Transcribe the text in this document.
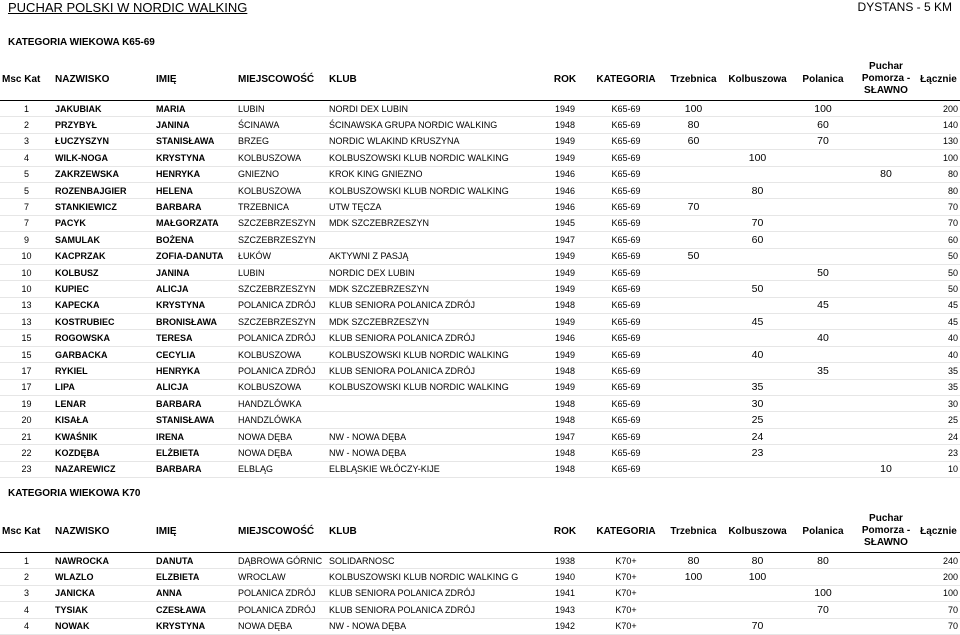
PUCHAR POLSKI W NORDIC WALKING	DYSTANS - 5 KM
KATEGORIA WIEKOWA K65-69
Msc Kat	NAZWISKO	IMIĘ	MIEJSCOWOŚĆ	KLUB	ROK	KATEGORIA	Trzebnica	Kolbuszowa	Polanica	Puchar
Pomorza -
SŁAWNO	Łącznie
1	JAKUBIAK	MARIA	LUBIN	NORDI DEX LUBIN	1949	K65-69	100		100		200
2	PRZYBYŁ	JANINA	ŚCINAWA	ŚCINAWSKA GRUPA NORDIC WALKING	1948	K65-69	80		60		140
3	ŁUCZYSZYN	STANISŁAWA	BRZEG	NORDIC WLAKIND KRUSZYNA	1949	K65-69	60		70		130
4	WILK-NOGA	KRYSTYNA	KOLBUSZOWA	KOLBUSZOWSKI KLUB NORDIC WALKING	1949	K65-69		100			100
5	ZAKRZEWSKA	HENRYKA	GNIEZNO	KROK KING GNIEZNO	1946	K65-69				80	80
5	ROZENBAJGIER	HELENA	KOLBUSZOWA	KOLBUSZOWSKI KLUB NORDIC WALKING	1946	K65-69		80			80
7	STANKIEWICZ	BARBARA	TRZEBNICA	UTW TĘCZA	1946	K65-69	70				70
7	PACYK	MAŁGORZATA	SZCZEBRZESZYN	MDK SZCZEBRZESZYN	1945	K65-69		70			70
9	SAMULAK	BOŻENA	SZCZEBRZESZYN		1947	K65-69		60			60
10	KACPRZAK	ZOFIA-DANUTA	ŁUKÓW	AKTYWNI Z PASJĄ	1949	K65-69	50				50
10	KOLBUSZ	JANINA	LUBIN	NORDIC DEX LUBIN	1949	K65-69			50		50
10	KUPIEC	ALICJA	SZCZEBRZESZYN	MDK SZCZEBRZESZYN	1949	K65-69		50			50
13	KAPECKA	KRYSTYNA	POLANICA ZDRÓJ	KLUB SENIORA POLANICA ZDRÓJ	1948	K65-69			45		45
13	KOSTRUBIEC	BRONISŁAWA	SZCZEBRZESZYN	MDK SZCZEBRZESZYN	1949	K65-69		45			45
15	ROGOWSKA	TERESA	POLANICA ZDRÓJ	KLUB SENIORA POLANICA ZDRÓJ	1946	K65-69			40		40
15	GARBACKA	CECYLIA	KOLBUSZOWA	KOLBUSZOWSKI KLUB NORDIC WALKING	1949	K65-69		40			40
17	RYKIEL	HENRYKA	POLANICA ZDRÓJ	KLUB SENIORA POLANICA ZDRÓJ	1948	K65-69			35		35
17	LIPA	ALICJA	KOLBUSZOWA	KOLBUSZOWSKI KLUB NORDIC WALKING	1949	K65-69		35			35
19	LENAR	BARBARA	HANDZLÓWKA		1948	K65-69		30			30
20	KISAŁA	STANISŁAWA	HANDZLÓWKA		1948	K65-69		25			25
21	KWAŚNIK	IRENA	NOWA DĘBA	NW - NOWA DĘBA	1947	K65-69		24			24
22	KOZDĘBA	ELŻBIETA	NOWA DĘBA	NW - NOWA DĘBA	1948	K65-69		23			23
23	NAZAREWICZ	BARBARA	ELBLĄG	ELBLĄSKIE WŁÓCZY-KIJE	1948	K65-69				10	10
KATEGORIA WIEKOWA K70
Msc Kat	NAZWISKO	IMIĘ	MIEJSCOWOŚĆ	KLUB	ROK	KATEGORIA	Trzebnica	Kolbuszowa	Polanica	Puchar
Pomorza -
SŁAWNO	Łącznie
1	NAWROCKA	DANUTA	DĄBROWA GÓRNIC	SOLIDARNOSC	1938	K70+	80	80	80		240
2	WLAZLO	ELZBIETA	WROCLAW	KOLBUSZOWSKI KLUB NORDIC WALKING G	1940	K70+	100	100			200
3	JANICKA	ANNA	POLANICA ZDRÓJ	KLUB SENIORA POLANICA ZDRÓJ	1941	K70+			100		100
4	TYSIAK	CZESŁAWA	POLANICA ZDRÓJ	KLUB SENIORA POLANICA ZDRÓJ	1943	K70+			70		70
4	NOWAK	KRYSTYNA	NOWA DĘBA	NW - NOWA DĘBA	1942	K70+		70			70
